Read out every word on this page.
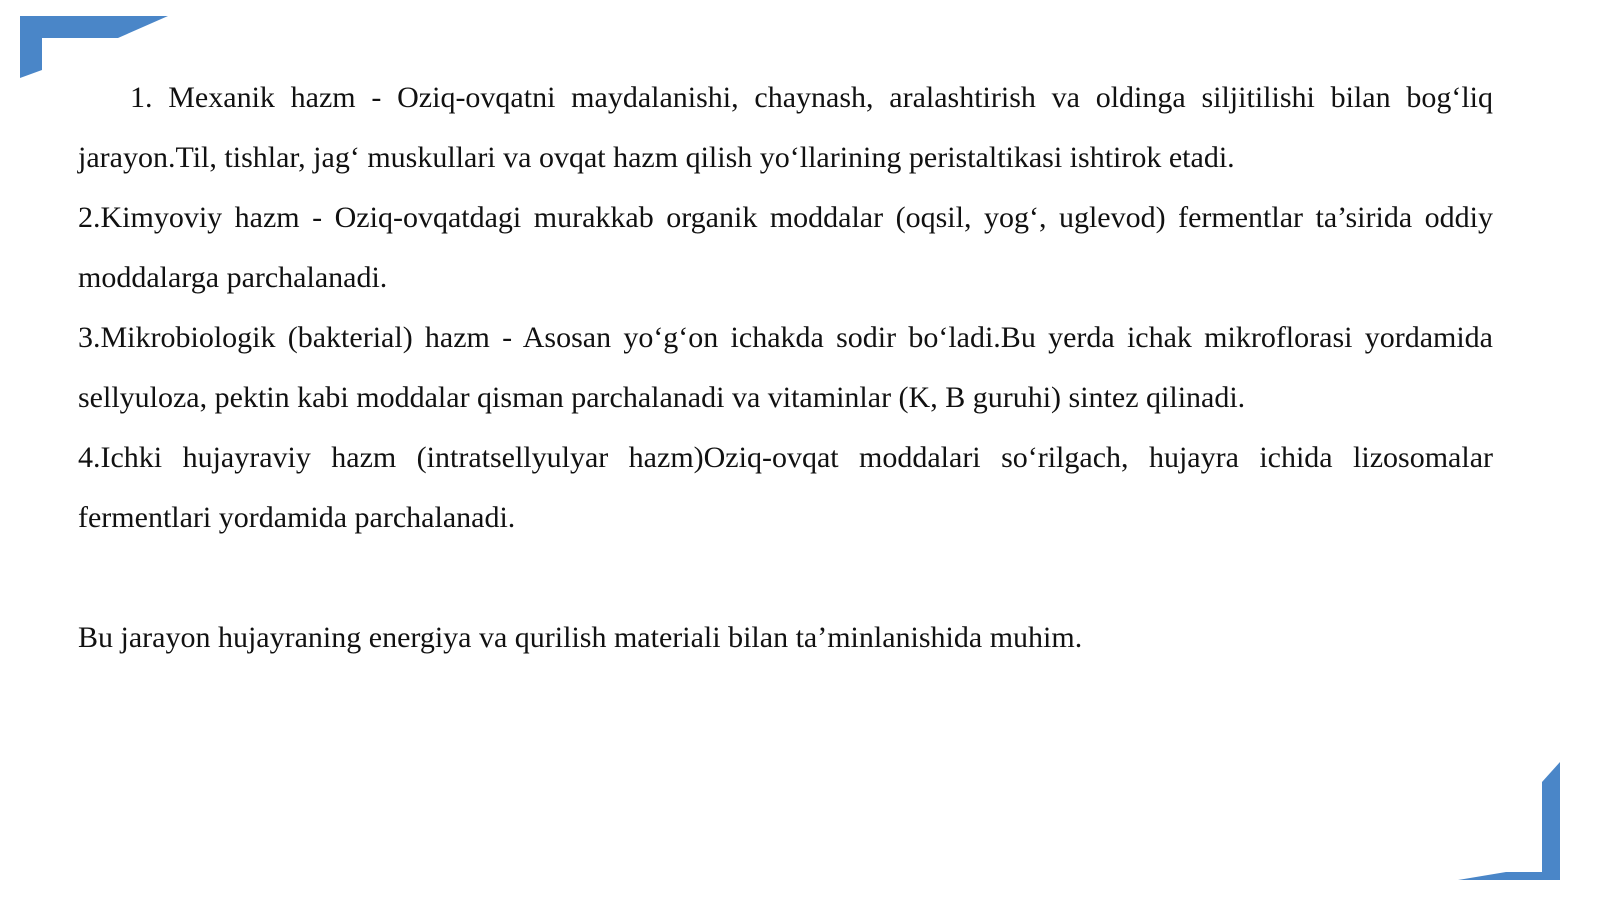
1. Mexanik hazm - Oziq-ovqatni maydalanishi, chaynash, aralashtirish va oldinga siljitilishi bilan bog‘liq jarayon.Til, tishlar, jag‘ muskullari va ovqat hazm qilish yo‘llarining peristaltikasi ishtirok etadi.

2.Kimyoviy hazm - Oziq-ovqatdagi murakkab organik moddalar (oqsil, yog‘, uglevod) fermentlar ta’sirida oddiy moddalarga parchalanadi.

3.Mikrobiologik (bakterial) hazm - Asosan yo‘g‘on ichakda sodir bo‘ladi.Bu yerda ichak mikroflorasi yordamida sellyuloza, pektin kabi moddalar qisman parchalanadi va vitaminlar (K, B guruhi) sintez qilinadi.

4.Ichki hujayraviy hazm (intratsellyulyar hazm)Oziq-ovqat moddalari so‘rilgach, hujayra ichida lizosomalar fermentlari yordamida parchalanadi.

Bu jarayon hujayraning energiya va qurilish materiali bilan ta’minlanishida muhim.
